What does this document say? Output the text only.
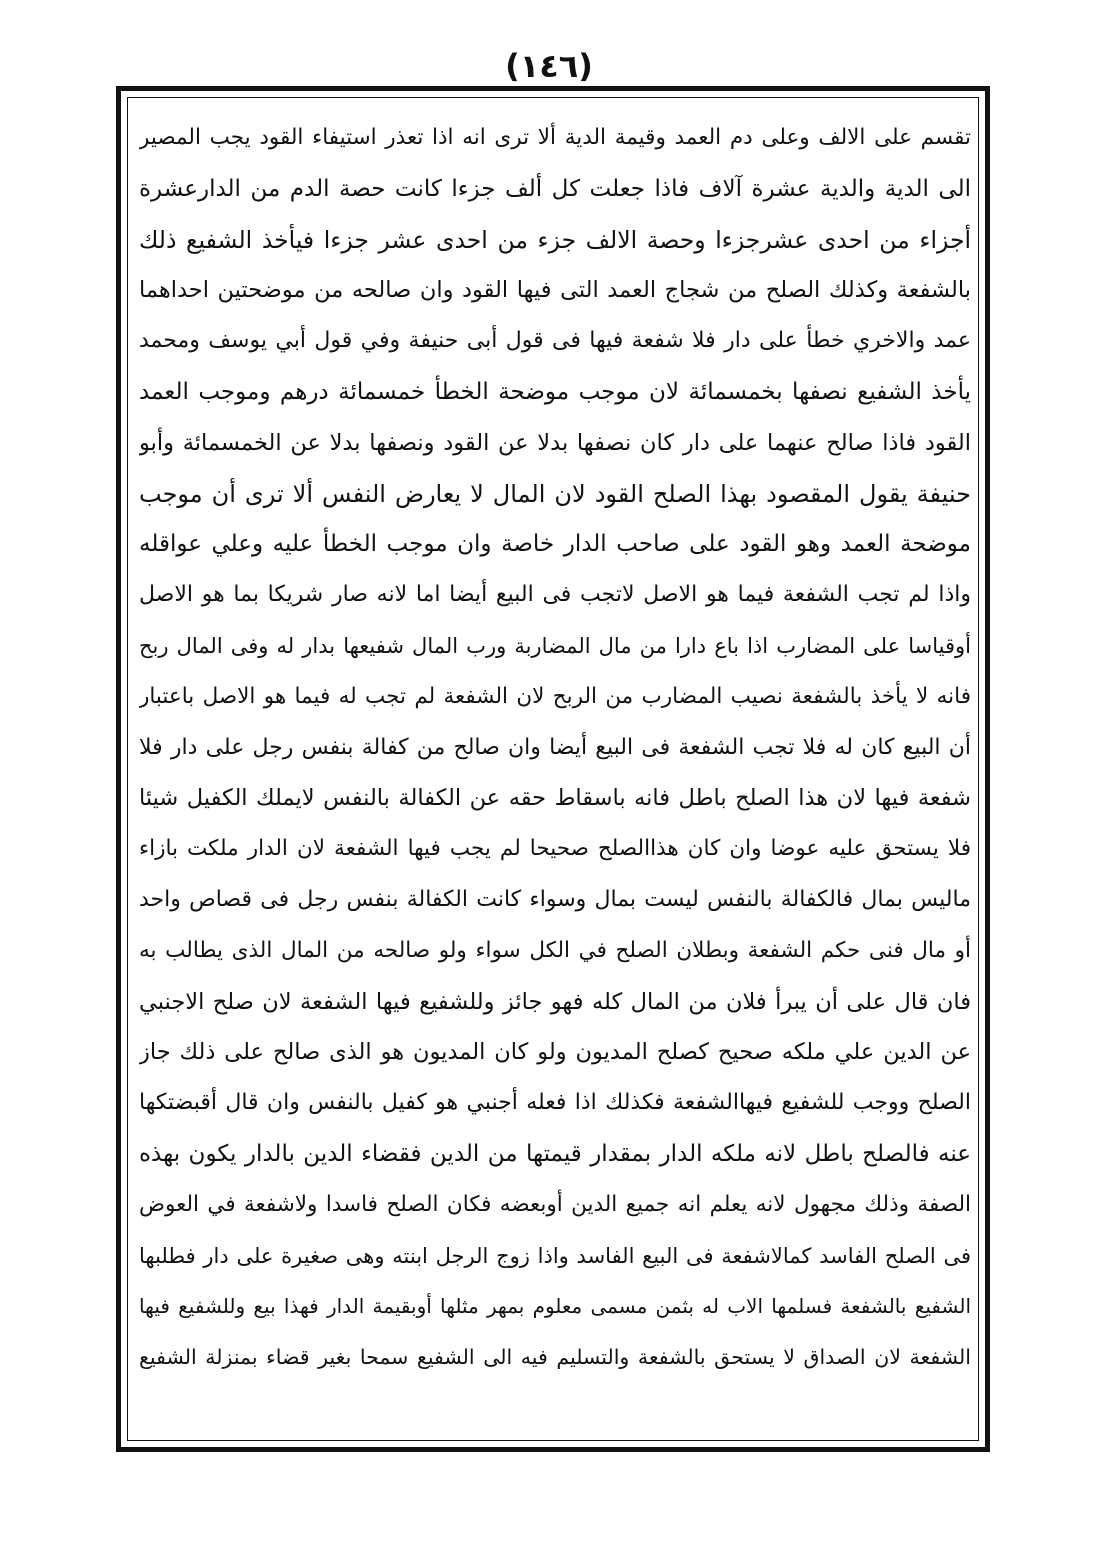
(١٤٦)
تقسم على الالف وعلى دم العمد وقيمة الدية ألا ترى انه اذا تعذر استيفاء القود يجب المصير
الى الدية والدية عشرة آلاف فاذا جعلت كل ألف جزءا كانت حصة الدم من الدارعشرة
أجزاء من احدى عشرجزءا وحصة الالف جزء من احدى عشر جزءا فيأخذ الشفيع ذلك
بالشفعة وكذلك الصلح من شجاج العمد التى فيها القود وان صالحه من موضحتين احداهما
عمد والاخري خطأ على دار فلا شفعة فيها فى قول أبى حنيفة وفي قول أبي يوسف ومحمد
يأخذ الشفيع نصفها بخمسمائة لان موجب موضحة الخطأ خمسمائة درهم وموجب العمد
القود فاذا صالح عنهما على دار كان نصفها بدلا عن القود ونصفها بدلا عن الخمسمائة وأبو
حنيفة يقول المقصود بهذا الصلح القود لان المال لا يعارض النفس ألا ترى أن موجب
موضحة العمد وهو القود على صاحب الدار خاصة وان موجب الخطأ عليه وعلي عواقله
واذا لم تجب الشفعة فيما هو الاصل لاتجب فى البيع أيضا اما لانه صار شريكا بما هو الاصل
أوقياسا على المضارب اذا باع دارا من مال المضاربة ورب المال شفيعها بدار له وفى المال ربح
فانه لا يأخذ بالشفعة نصيب المضارب من الربح لان الشفعة لم تجب له فيما هو الاصل باعتبار
أن البيع كان له فلا تجب الشفعة فى البيع أيضا وان صالح من كفالة بنفس رجل على دار فلا
شفعة فيها لان هذا الصلح باطل فانه باسقاط حقه عن الكفالة بالنفس لايملك الكفيل شيئا
فلا يستحق عليه عوضا وان كان هذاالصلح صحيحا لم يجب فيها الشفعة لان الدار ملكت بازاء
ماليس بمال فالكفالة بالنفس ليست بمال وسواء كانت الكفالة بنفس رجل فى قصاص واحد
أو مال فنى حكم الشفعة وبطلان الصلح في الكل سواء ولو صالحه من المال الذى يطالب به
فان قال على أن يبرأ فلان من المال كله فهو جائز وللشفيع فيها الشفعة لان صلح الاجنبي
عن الدين علي ملكه صحيح كصلح المديون ولو كان المديون هو الذى صالح على ذلك جاز
الصلح ووجب للشفيع فيهاالشفعة فكذلك اذا فعله أجنبي هو كفيل بالنفس وان قال أقبضتكها
عنه فالصلح باطل لانه ملكه الدار بمقدار قيمتها من الدين فقضاء الدين بالدار يكون بهذه
الصفة وذلك مجهول لانه يعلم انه جميع الدين أوبعضه فكان الصلح فاسدا ولاشفعة في العوض
فى الصلح الفاسد كمالاشفعة فى البيع الفاسد واذا زوج الرجل ابنته وهى صغيرة على دار فطلبها
الشفيع بالشفعة فسلمها الاب له بثمن مسمى معلوم بمهر مثلها أوبقيمة الدار فهذا بيع وللشفيع فيها
الشفعة لان الصداق لا يستحق بالشفعة والتسليم فيه الى الشفيع سمحا بغير قضاء بمنزلة الشفيع
